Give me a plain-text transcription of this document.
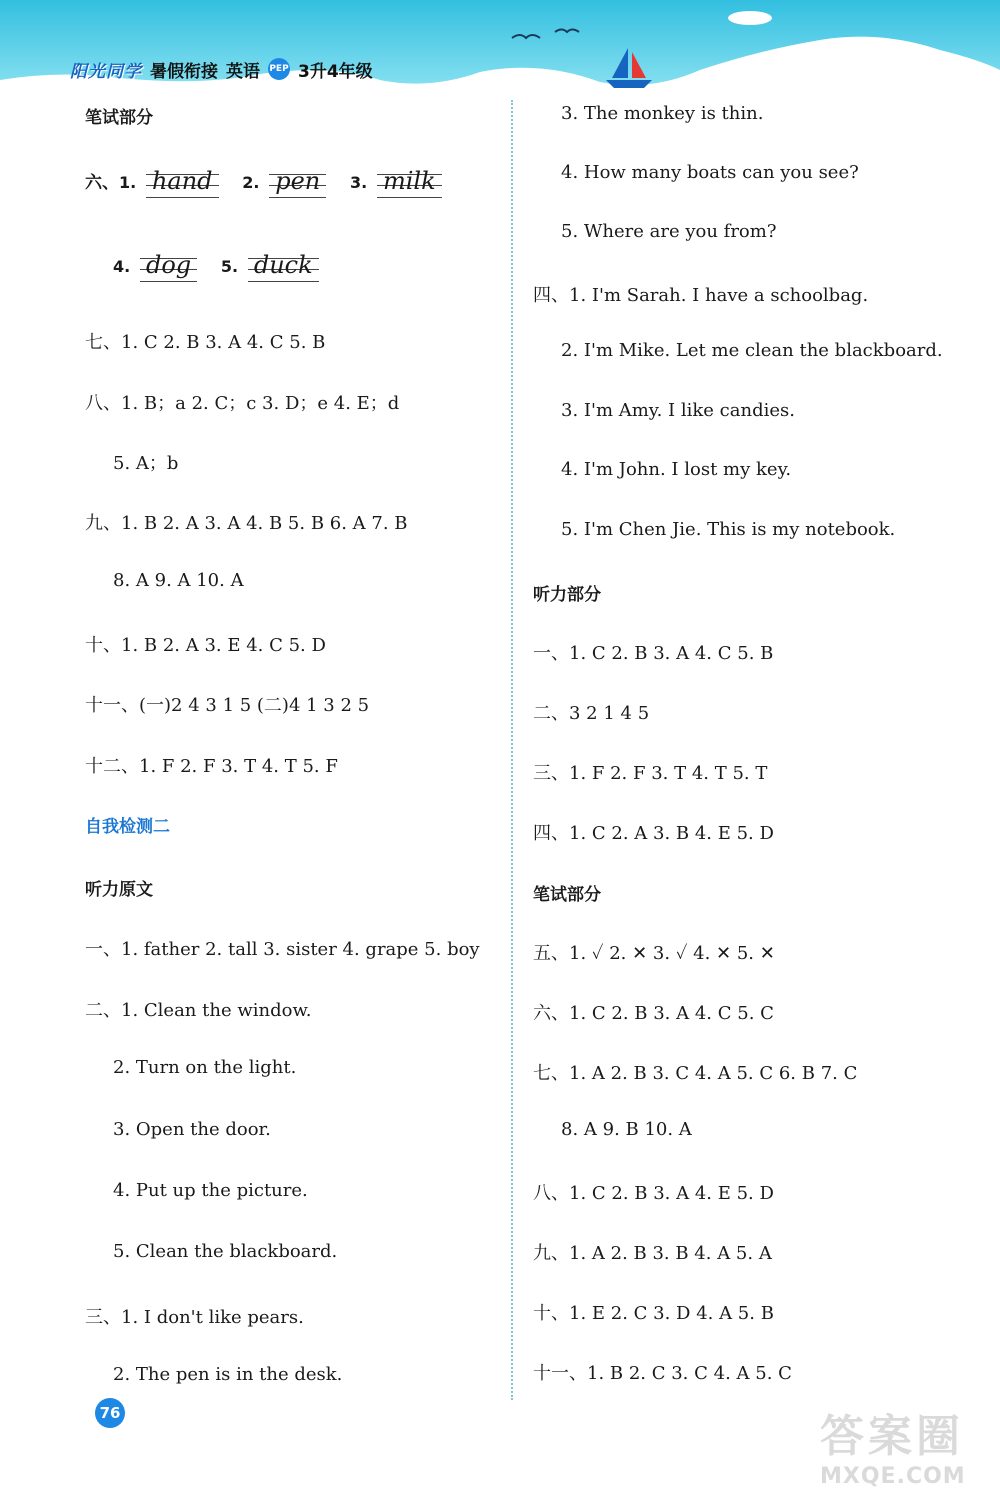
阳光同学 暑假衔接 英语 PEP 3升4年级
笔试部分
六、1. hand 2. pen 3. milk
4. dog 5. duck
七、1. C 2. B 3. A 4. C 5. B
八、1. B；a 2. C；c 3. D；e 4. E；d
5. A；b
九、1. B 2. A 3. A 4. B 5. B 6. A 7. B
8. A 9. A 10. A
十、1. B 2. A 3. E 4. C 5. D
十一、(一)2 4 3 1 5 (二)4 1 3 2 5
十二、1. F 2. F 3. T 4. T 5. F
自我检测二
听力原文
一、1. father 2. tall 3. sister 4. grape 5. boy
二、1. Clean the window.
2. Turn on the light.
3. Open the door.
4. Put up the picture.
5. Clean the blackboard.
三、1. I don't like pears.
2. The pen is in the desk.
3. The monkey is thin.
4. How many boats can you see?
5. Where are you from?
四、1. I'm Sarah. I have a schoolbag.
2. I'm Mike. Let me clean the blackboard.
3. I'm Amy. I like candies.
4. I'm John. I lost my key.
5. I'm Chen Jie. This is my notebook.
听力部分
一、1. C 2. B 3. A 4. C 5. B
二、3 2 1 4 5
三、1. F 2. F 3. T 4. T 5. T
四、1. C 2. A 3. B 4. E 5. D
笔试部分
五、1. ✓ 2. ✕ 3. ✓ 4. ✕ 5. ✕
六、1. C 2. B 3. A 4. C 5. C
七、1. A 2. B 3. C 4. A 5. C 6. B 7. C
8. A 9. B 10. A
八、1. C 2. B 3. A 4. E 5. D
九、1. A 2. B 3. B 4. A 5. A
十、1. E 2. C 3. D 4. A 5. B
十一、1. B 2. C 3. C 4. A 5. C
76	答案圈
MXQE.COM
